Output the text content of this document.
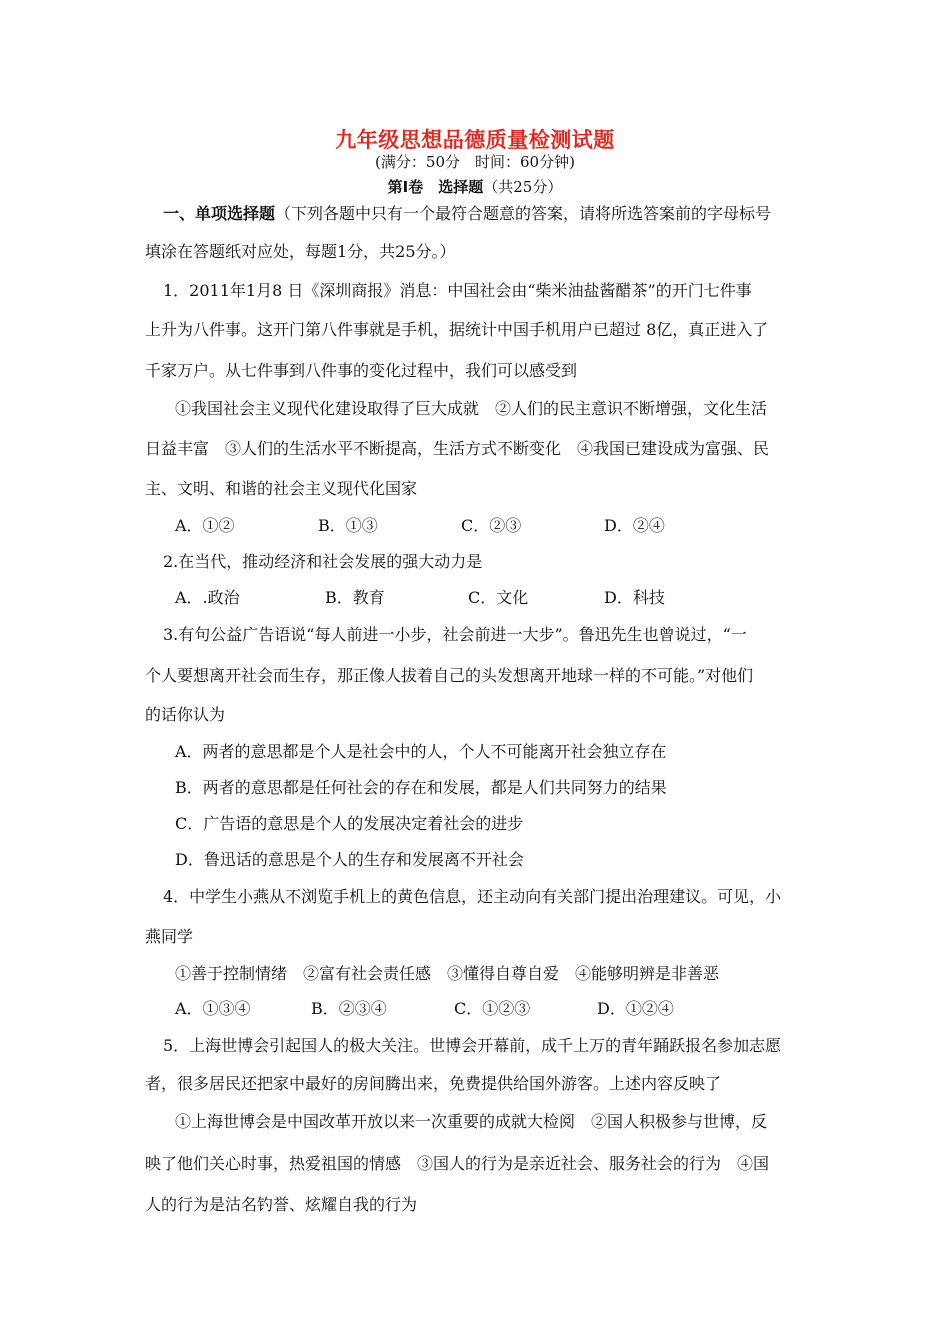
九年级思想品德质量检测试题
(满分：50分　时间：60分钟)
第Ⅰ卷　选择题（共25分）
一、单项选择题（下列各题中只有一个最符合题意的答案，请将所选答案前的字母标号
填涂在答题纸对应处，每题1分，共25分。）
1．2011年1月8 日《深圳商报》消息：中国社会由“柴米油盐酱醋茶”的开门七件事
上升为八件事。这开门第八件事就是手机，据统计中国手机用户已超过 8亿，真正进入了
千家万户。从七件事到八件事的变化过程中，我们可以感受到
①我国社会主义现代化建设取得了巨大成就　②人们的民主意识不断增强，文化生活
日益丰富　③人们的生活水平不断提高，生活方式不断变化　④我国已建设成为富强、民
主、文明、和谐的社会主义现代化国家
A．①②	B．①③	C．②③	D．②④
2.在当代，推动经济和社会发展的强大动力是
A．.政治	B．教育	C．文化	D．科技
3.有句公益广告语说“每人前进一小步，社会前进一大步”。鲁迅先生也曾说过，“一
个人要想离开社会而生存，那正像人拔着自己的头发想离开地球一样的不可能。”对他们
的话你认为
A．两者的意思都是个人是社会中的人，个人不可能离开社会独立存在
B．两者的意思都是任何社会的存在和发展，都是人们共同努力的结果
C．广告语的意思是个人的发展决定着社会的进步
D．鲁迅话的意思是个人的生存和发展离不开社会
4．中学生小燕从不浏览手机上的黄色信息，还主动向有关部门提出治理建议。可见，小
燕同学
①善于控制情绪　②富有社会责任感　③懂得自尊自爱　④能够明辨是非善恶
A．①③④	B．②③④	C．①②③	D．①②④
5．上海世博会引起国人的极大关注。世博会开幕前，成千上万的青年踊跃报名参加志愿
者，很多居民还把家中最好的房间腾出来，免费提供给国外游客。上述内容反映了
①上海世博会是中国改革开放以来一次重要的成就大检阅　②国人积极参与世博，反
映了他们关心时事，热爱祖国的情感　③国人的行为是亲近社会、服务社会的行为　④国
人的行为是沽名钓誉、炫耀自我的行为
